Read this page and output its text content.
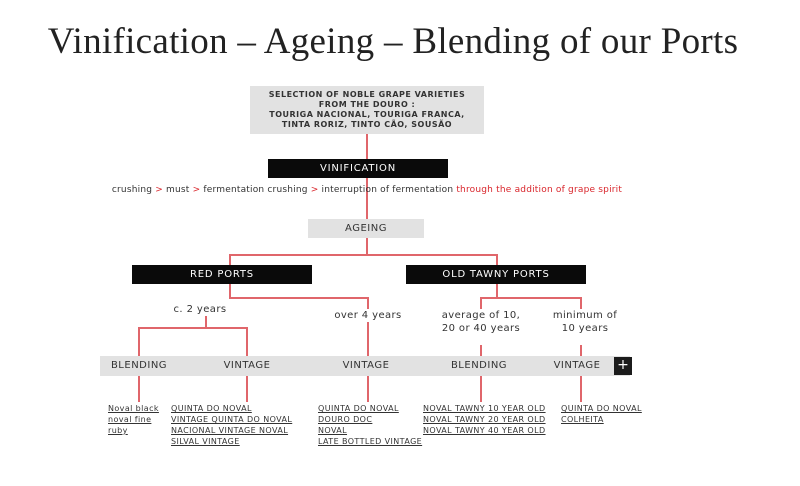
Vinification – Ageing – Blending of our Ports
SELECTION OF NOBLE GRAPE VARIETIES
FROM THE DOURO :
TOURIGA NACIONAL, TOURIGA FRANCA,
TINTA RORIZ, TINTO CÃO, SOUSÃO
VINIFICATION
crushing > must > fermentation crushing > interruption of fermentation through the addition of grape spirit
AGEING
RED PORTS	OLD TAWNY PORTS
c. 2 years
over 4 years	average of 10,
20 or 40 years
minimum of
10 years
BLENDING	VINTAGE	VINTAGE	BLENDING	VINTAGE	+
Noval black
noval fine
ruby
QUINTA DO NOVAL
VINTAGE QUINTA DO NOVAL
NACIONAL VINTAGE NOVAL
SILVAL VINTAGE
QUINTA DO NOVAL
DOURO DOC
NOVAL
LATE BOTTLED VINTAGE
NOVAL TAWNY 10 YEAR OLD
NOVAL TAWNY 20 YEAR OLD
NOVAL TAWNY 40 YEAR OLD
QUINTA DO NOVAL
COLHEITA
